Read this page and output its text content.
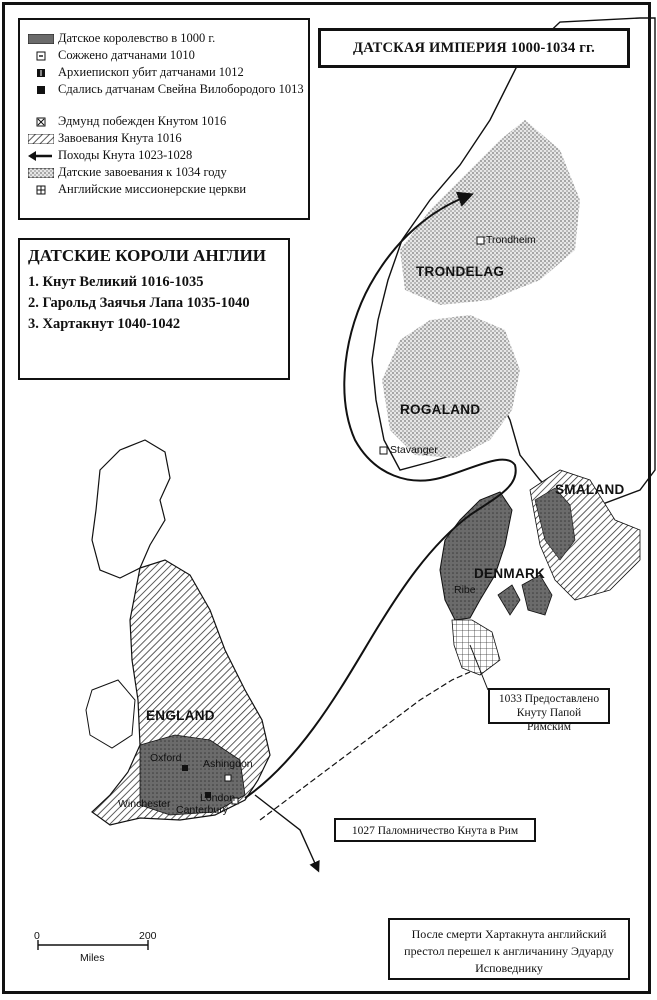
Датское королевство в 1000 г.
Сожжено датчанами 1010
Архиепископ убит датчанами 1012
Сдались датчанам Свейна Вилобородого 1013
Эдмунд побежден Кнутом 1016
Завоевания Кнута 1016
Походы Кнута 1023-1028
Датские завоевания к 1034 году
Английские миссионерские церкви
ДАТСКАЯ ИМПЕРИЯ 1000-1034 гг.
ДАТСКИЕ КОРОЛИ АНГЛИИ
1. Кнут Великий 1016-1035
2. Гарольд Заячья Лапа 1035-1040
3. Хартакнут 1040-1042
TRONDELAG
ROGALAND
SMALAND
DENMARK
ENGLAND
Trondheim
Stavanger
Ribe
Oxford Ashingdon
London
Canterbury
Winchester
1033 Предоставлено Кнуту Папой Римским
1027 Паломничество Кнута в Рим
После смерти Хартакнута английский престол перешел к англичанину Эдуарду Исповеднику
0	200
Miles
